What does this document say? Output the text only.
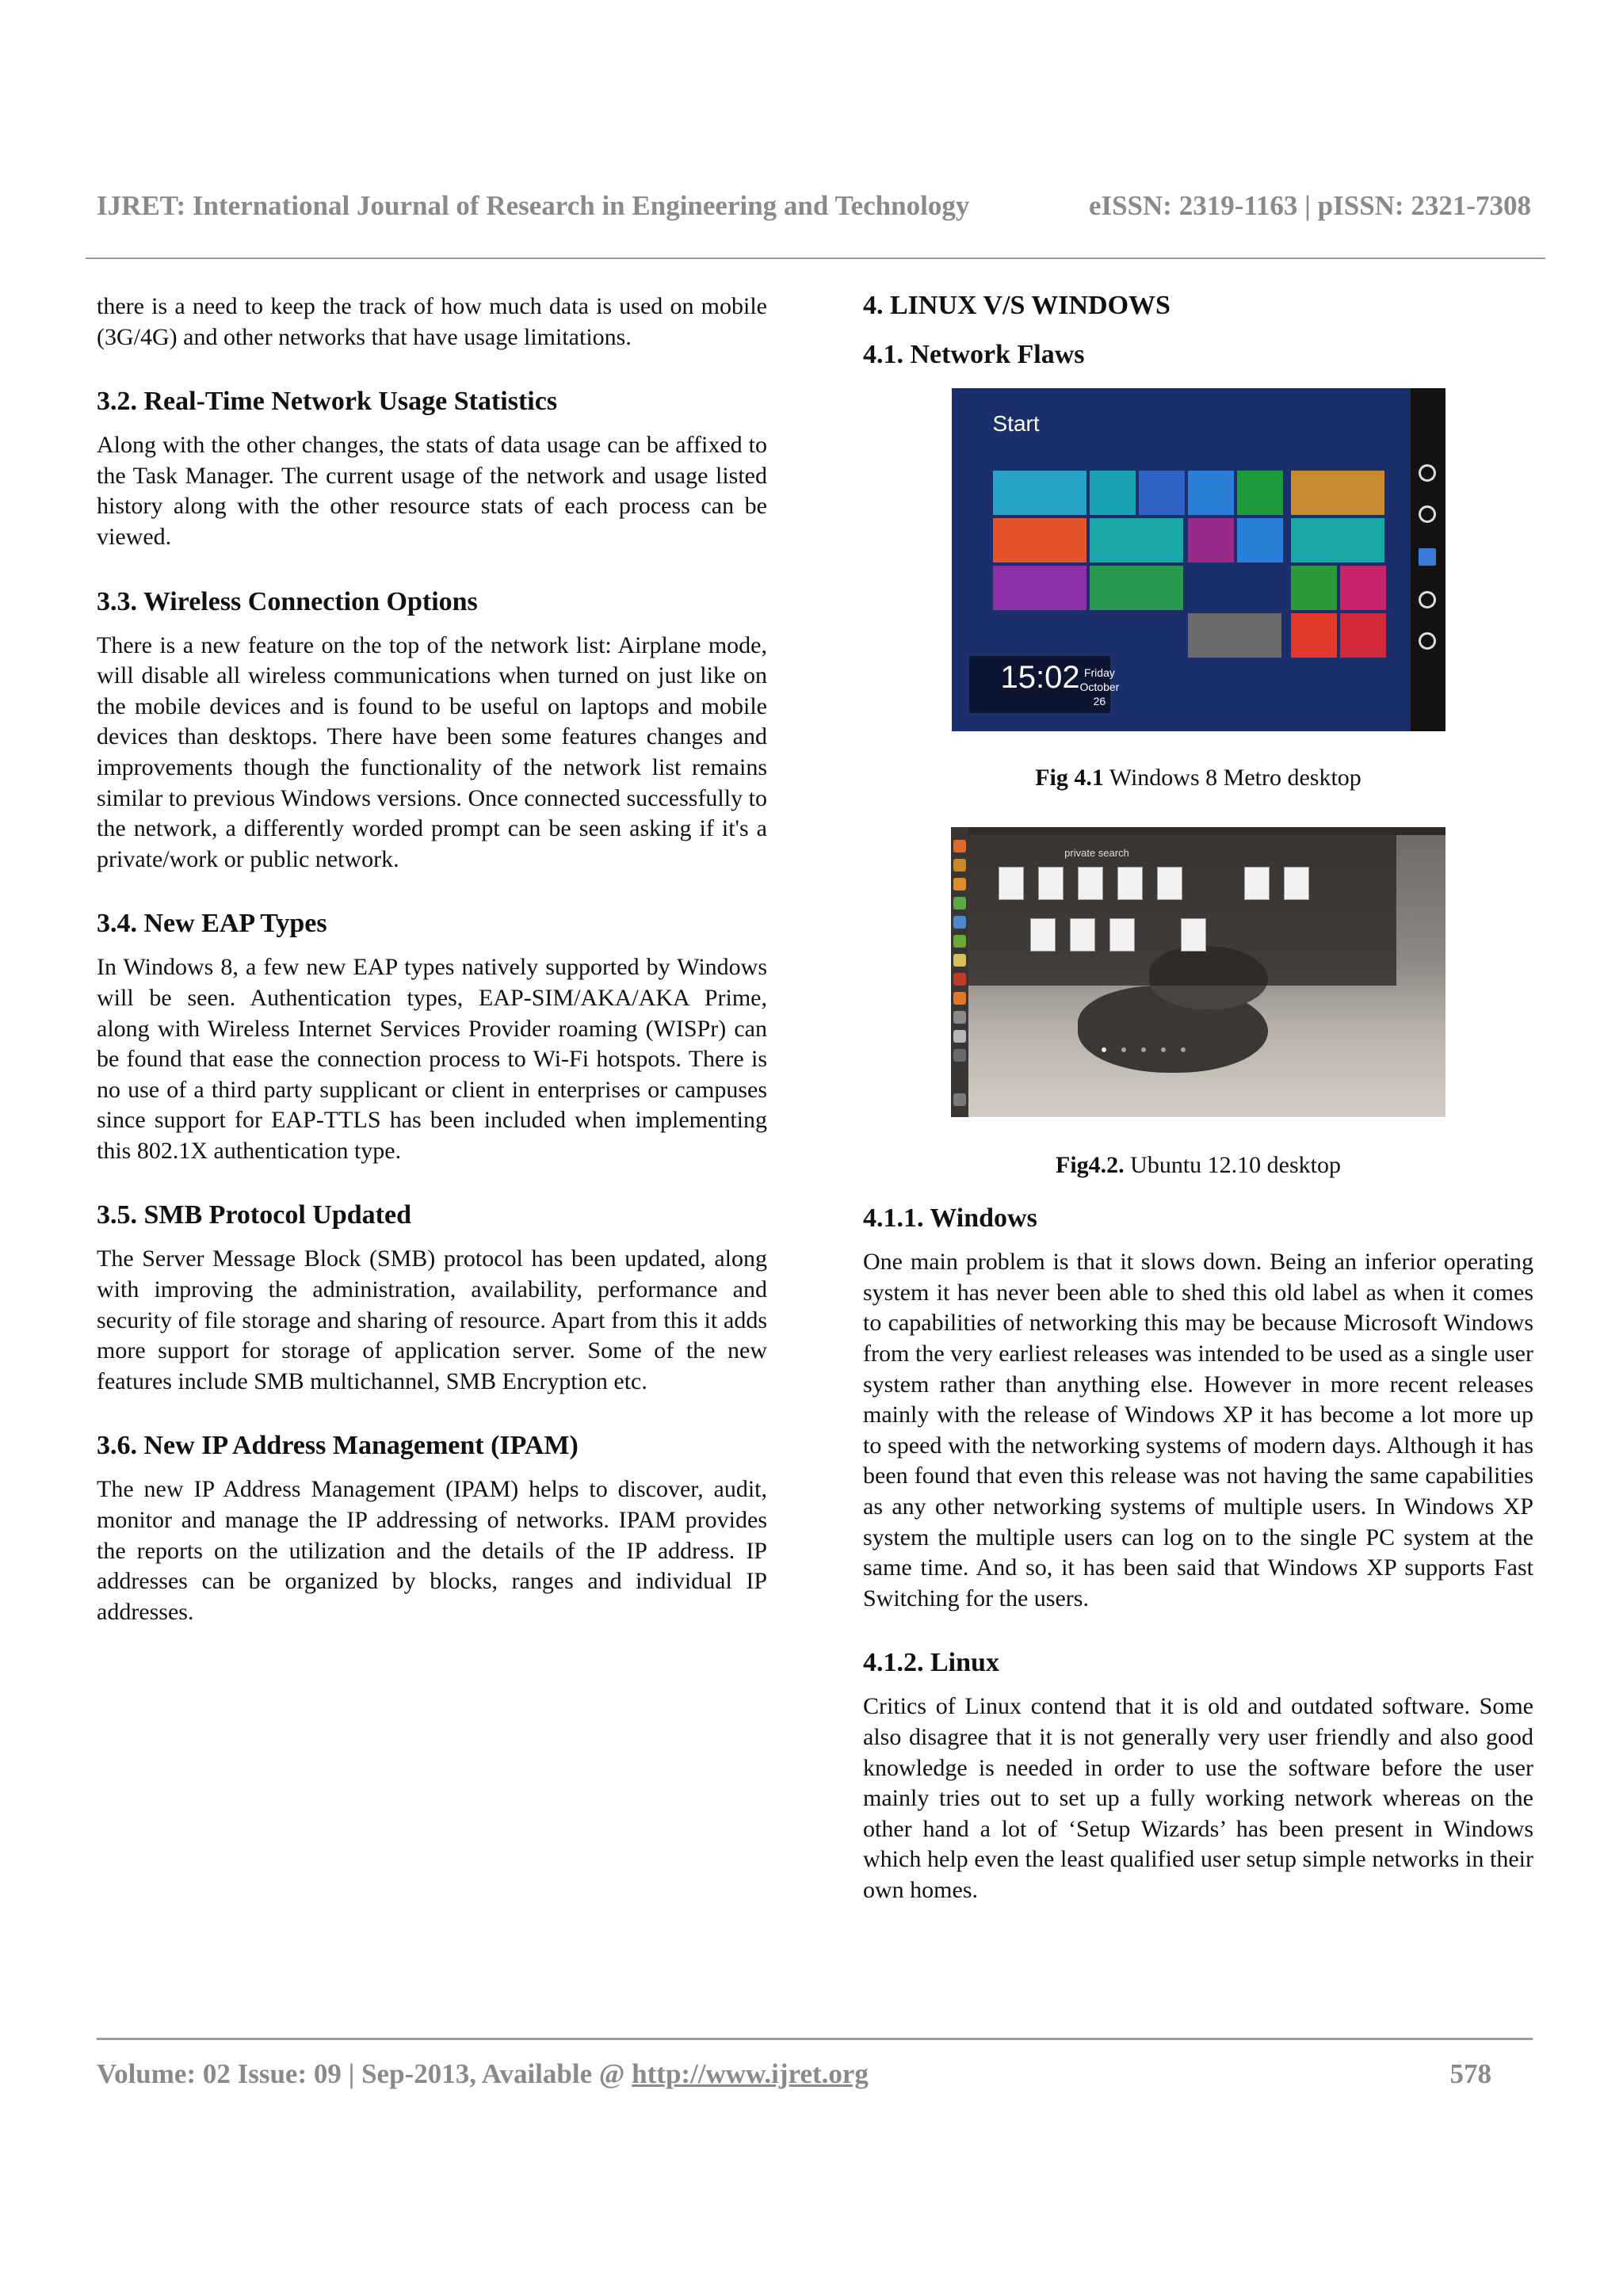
IJRET: International Journal of Research in Engineering and Technology	eISSN: 2319-1163 | pISSN: 2321-7308

there is a need to keep the track of how much data is used on mobile (3G/4G) and other networks that have usage limitations.

3.2. Real-Time Network Usage Statistics

Along with the other changes, the stats of data usage can be affixed to the Task Manager. The current usage of the network and usage listed history along with the other resource stats of each process can be viewed.

3.3. Wireless Connection Options

There is a new feature on the top of the network list: Airplane mode, will disable all wireless communications when turned on just like on the mobile devices and is found to be useful on laptops and mobile devices than desktops. There have been some features changes and improvements though the functionality of the network list remains similar to previous Windows versions. Once connected successfully to the network, a differently worded prompt can be seen asking if it's a private/work or public network.

3.4. New EAP Types

In Windows 8, a few new EAP types natively supported by Windows will be seen. Authentication types, EAP-SIM/AKA/AKA Prime, along with Wireless Internet Services Provider roaming (WISPr) can be found that ease the connection process to Wi-Fi hotspots. There is no use of a third party supplicant or client in enterprises or campuses since support for EAP-TTLS has been included when implementing this 802.1X authentication type.

3.5. SMB Protocol Updated

The Server Message Block (SMB) protocol has been updated, along with improving the administration, availability, performance and security of file storage and sharing of resource. Apart from this it adds more support for storage of application server. Some of the new features include SMB multichannel, SMB Encryption etc.

3.6. New IP Address Management (IPAM)

The new IP Address Management (IPAM) helps to discover, audit, monitor and manage the IP addressing of networks. IPAM provides the reports on the utilization and the details of the IP address. IP addresses can be organized by blocks, ranges and individual IP addresses.

4. LINUX V/S WINDOWS
4.1. Network Flaws
Start
15:02 Friday
October 26
Fig 4.1 Windows 8 Metro desktop
private search
Fig4.2. Ubuntu 12.10 desktop
4.1.1. Windows

One main problem is that it slows down. Being an inferior operating system it has never been able to shed this old label as when it comes to capabilities of networking this may be because Microsoft Windows from the very earliest releases was intended to be used as a single user system rather than anything else. However in more recent releases mainly with the release of Windows XP it has become a lot more up to speed with the networking systems of modern days. Although it has been found that even this release was not having the same capabilities as any other networking systems of multiple users. In Windows XP system the multiple users can log on to the single PC system at the same time. And so, it has been said that Windows XP supports Fast Switching for the users.

4.1.2. Linux

Critics of Linux contend that it is old and outdated software. Some also disagree that it is not generally very user friendly and also good knowledge is needed in order to use the software before the user mainly tries out to set up a fully working network whereas on the other hand a lot of ‘Setup Wizards’ has been present in Windows which help even the least qualified user setup simple networks in their own homes.

Volume: 02 Issue: 09 | Sep-2013, Available @ http://www.ijret.org	578
